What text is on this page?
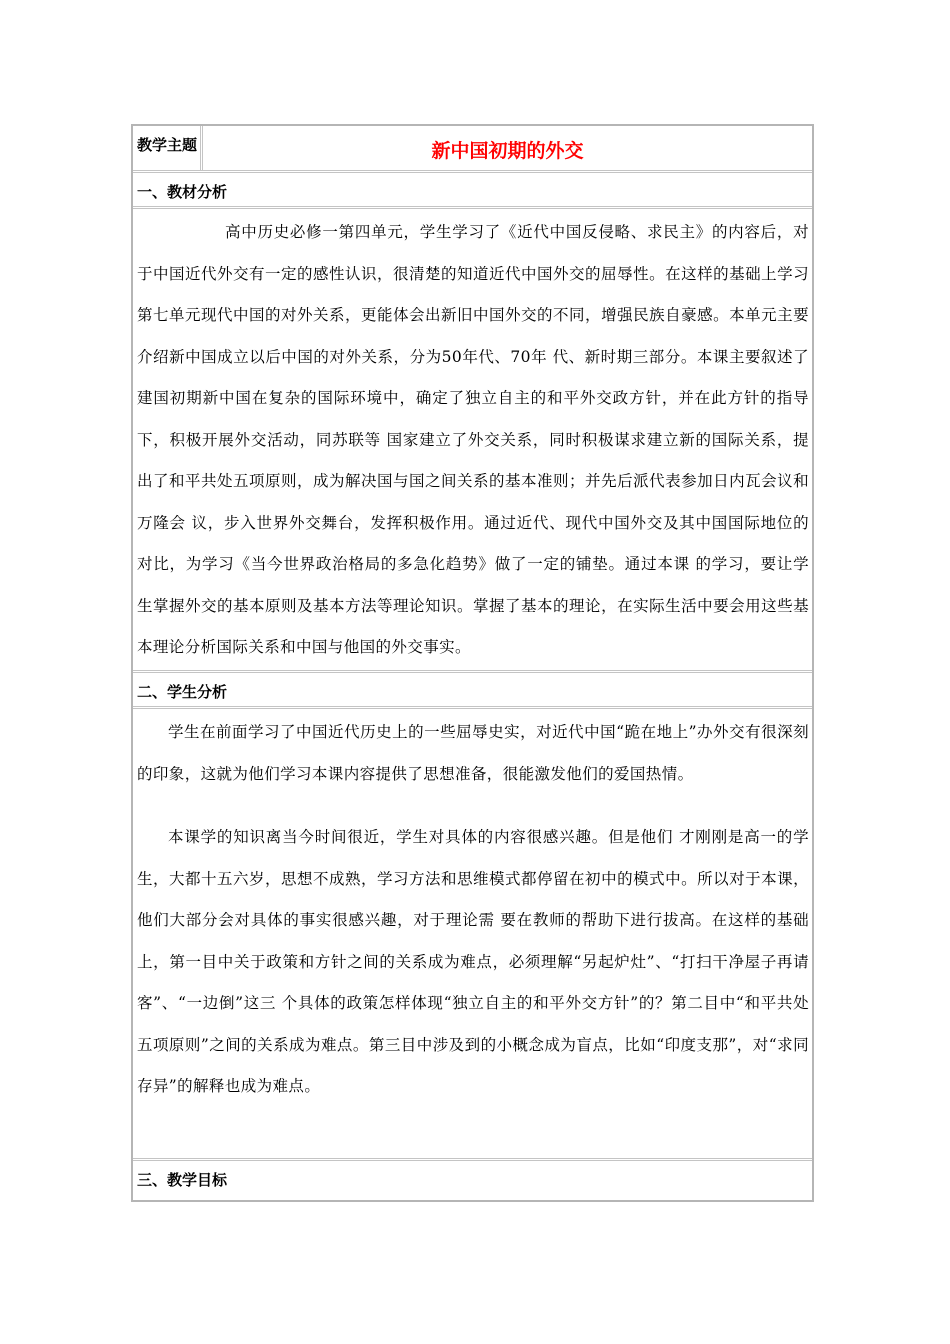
教学主题	新中国初期的外交
一、教材分析

高中历史必修一第四单元，学生学习了《近代中国反侵略、求民主》的内容后，对于中国近代外交有一定的感性认识，很清楚的知道近代中国外交的屈辱性。在这样的基础上学习第七单元现代中国的对外关系，更能体会出新旧中国外交的不同，增强民族自豪感。本单元主要介绍新中国成立以后中国的对外关系，分为50年代、70年 代、新时期三部分。本课主要叙述了建国初期新中国在复杂的国际环境中，确定了独立自主的和平外交政方针，并在此方针的指导下，积极开展外交活动，同苏联等 国家建立了外交关系，同时积极谋求建立新的国际关系，提出了和平共处五项原则，成为解决国与国之间关系的基本准则；并先后派代表参加日内瓦会议和万隆会 议，步入世界外交舞台，发挥积极作用。通过近代、现代中国外交及其中国国际地位的对比，为学习《当今世界政治格局的多急化趋势》做了一定的铺垫。通过本课 的学习，要让学生掌握外交的基本原则及基本方法等理论知识。掌握了基本的理论，在实际生活中要会用这些基本理论分析国际关系和中国与他国的外交事实。

二、学生分析

学生在前面学习了中国近代历史上的一些屈辱史实，对近代中国“跪在地上”办外交有很深刻的印象，这就为他们学习本课内容提供了思想准备，很能激发他们的爱国热情。

本课学的知识离当今时间很近，学生对具体的内容很感兴趣。但是他们 才刚刚是高一的学生，大都十五六岁，思想不成熟，学习方法和思维模式都停留在初中的模式中。所以对于本课，他们大部分会对具体的事实很感兴趣，对于理论需 要在教师的帮助下进行拔高。在这样的基础上，第一目中关于政策和方针之间的关系成为难点，必须理解“另起炉灶”、“打扫干净屋子再请客”、“一边倒”这三 个具体的政策怎样体现“独立自主的和平外交方针”的？第二目中“和平共处五项原则”之间的关系成为难点。第三目中涉及到的小概念成为盲点，比如“印度支那”，对“求同存异”的解释也成为难点。

三、教学目标
